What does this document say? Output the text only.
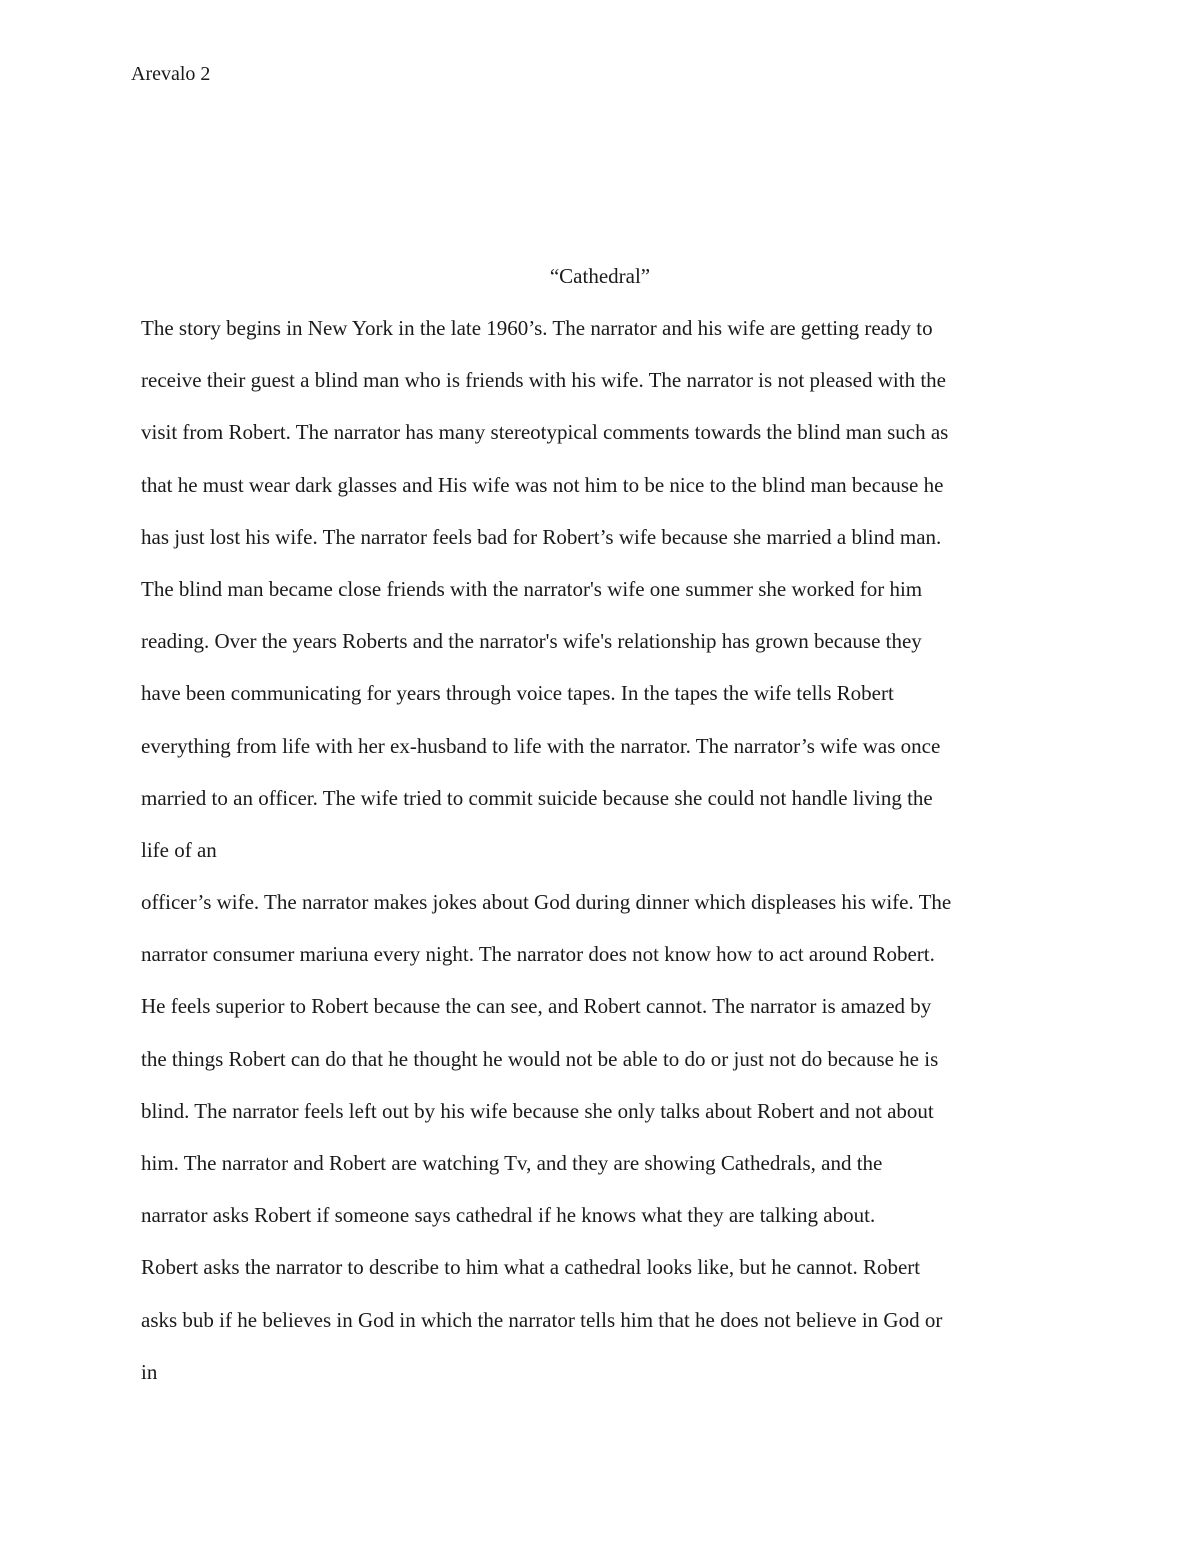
Arevalo 2
“Cathedral”
The story begins in New York in the late 1960’s. The narrator and his wife are getting ready to
receive their guest a blind man who is friends with his wife. The narrator is not pleased with the
visit from Robert. The narrator has many stereotypical comments towards the blind man such as
that he must wear dark glasses and His wife was not him to be nice to the blind man because he
has just lost his wife. The narrator feels bad for Robert’s wife because she married a blind man.
The blind man became close friends with the narrator's wife one summer she worked for him
reading. Over the years Roberts and the narrator's wife's relationship has grown because they
have been communicating for years through voice tapes. In the tapes the wife tells Robert
everything from life with her ex-husband to life with the narrator. The narrator’s wife was once
married to an officer. The wife tried to commit suicide because she could not handle living the
life of an
officer’s wife. The narrator makes jokes about God during dinner which displeases his wife. The
narrator consumer mariuna every night. The narrator does not know how to act around Robert.
He feels superior to Robert because the can see, and Robert cannot. The narrator is amazed by
the things Robert can do that he thought he would not be able to do or just not do because he is
blind. The narrator feels left out by his wife because she only talks about Robert and not about
him. The narrator and Robert are watching Tv, and they are showing Cathedrals, and the
narrator asks Robert if someone says cathedral if he knows what they are talking about.
Robert asks the narrator to describe to him what a cathedral looks like, but he cannot. Robert
asks bub if he believes in God in which the narrator tells him that he does not believe in God or
in
